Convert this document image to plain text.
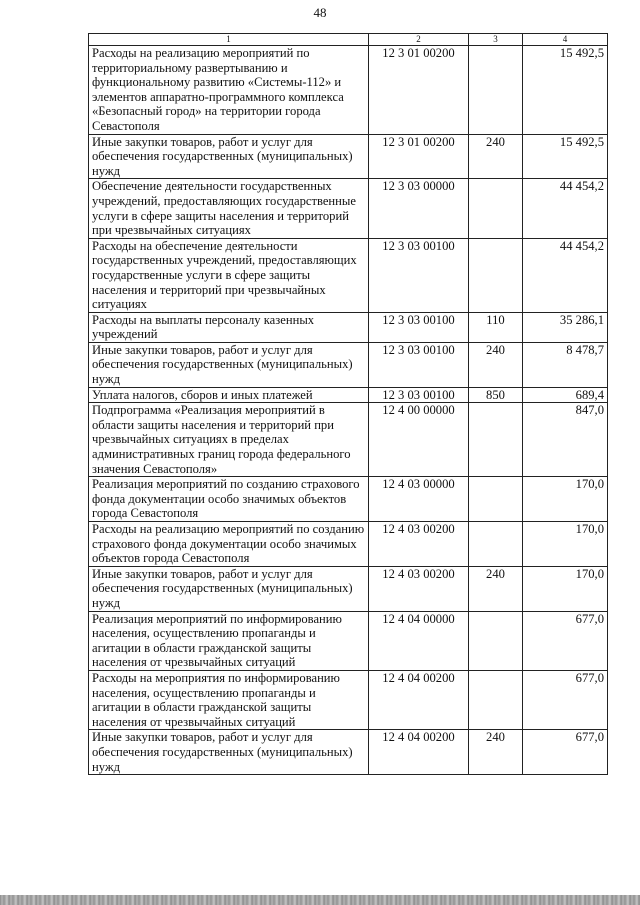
48
1	2	3	4
Расходы на реализацию мероприятий по территориальному развертыванию и функциональному развитию «Системы-112» и элементов аппаратно-программного комплекса «Безопасный город» на территории города Севастополя	12 3 01 00200		15 492,5
Иные закупки товаров, работ и услуг для обеспечения государственных (муниципальных) нужд	12 3 01 00200	240	15 492,5
Обеспечение деятельности государственных учреждений, предоставляющих государственные услуги в сфере защиты населения и территорий при чрезвычайных ситуациях	12 3 03 00000		44 454,2
Расходы на обеспечение деятельности государственных учреждений, предоставляющих государственные услуги в сфере защиты населения и территорий при чрезвычайных ситуациях	12 3 03 00100		44 454,2
Расходы на выплаты персоналу казенных учреждений	12 3 03 00100	110	35 286,1
Иные закупки товаров, работ и услуг для обеспечения государственных (муниципальных) нужд	12 3 03 00100	240	8 478,7
Уплата налогов, сборов и иных платежей	12 3 03 00100	850	689,4
Подпрограмма «Реализация мероприятий в области защиты населения и территорий при чрезвычайных ситуациях в пределах административных границ города федерального значения Севастополя»	12 4 00 00000		847,0
Реализация мероприятий по созданию страхового фонда документации особо значимых объектов города Севастополя	12 4 03 00000		170,0
Расходы на реализацию мероприятий по созданию страхового фонда документации особо значимых объектов города Севастополя	12 4 03 00200		170,0
Иные закупки товаров, работ и услуг для обеспечения государственных (муниципальных) нужд	12 4 03 00200	240	170,0
Реализация мероприятий по информированию населения, осуществлению пропаганды и агитации в области гражданской защиты населения от чрезвычайных ситуаций	12 4 04 00000		677,0
Расходы на мероприятия по информированию населения, осуществлению пропаганды и агитации в области гражданской защиты населения от чрезвычайных ситуаций	12 4 04 00200		677,0
Иные закупки товаров, работ и услуг для обеспечения государственных (муниципальных) нужд	12 4 04 00200	240	677,0
